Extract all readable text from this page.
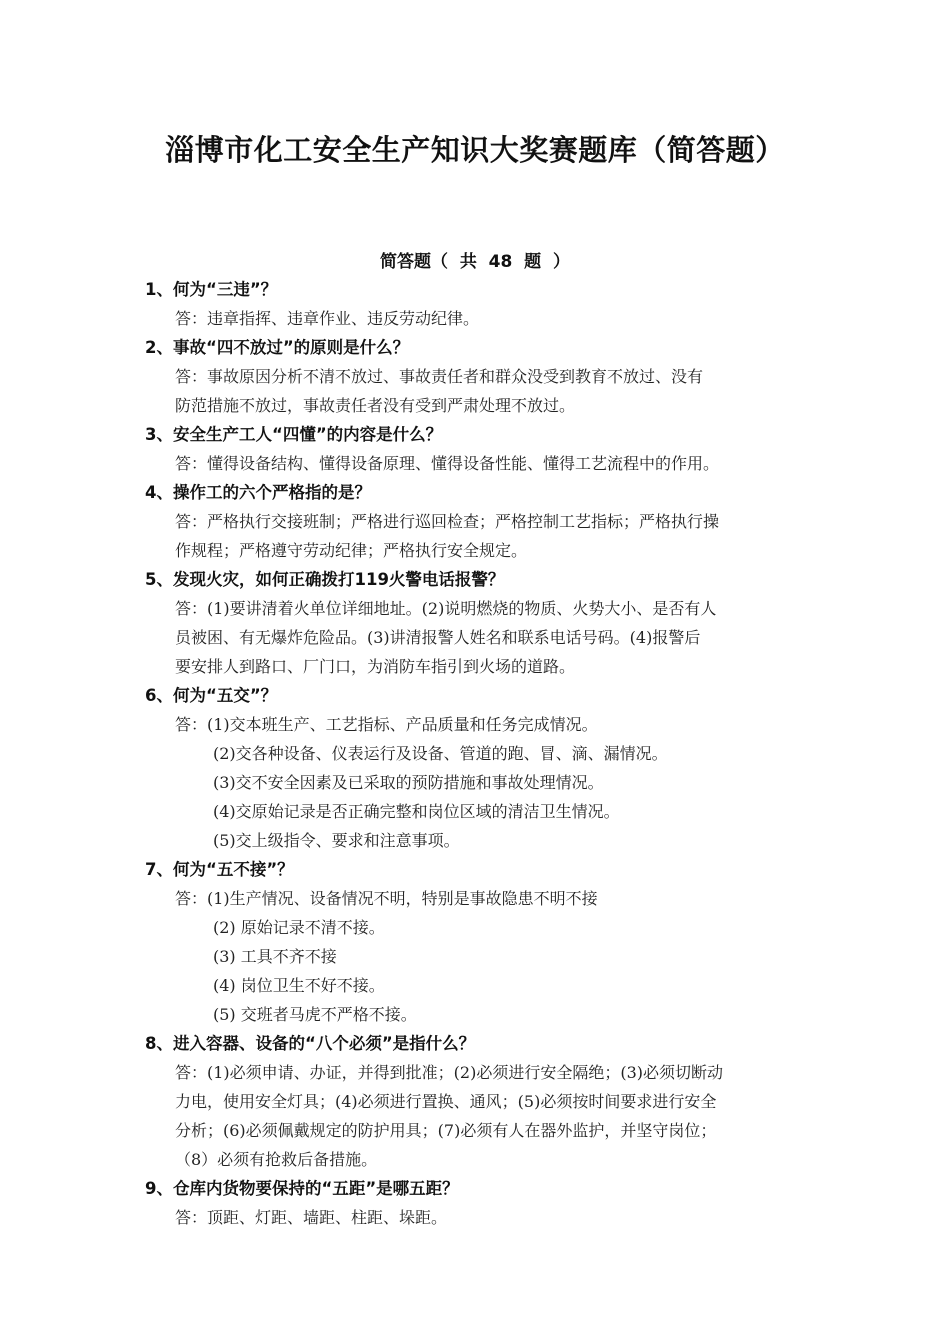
淄博市化工安全生产知识大奖赛题库（简答题）
简答题（  共  48  题  ）
1、何为“三违”？
答：违章指挥、违章作业、违反劳动纪律。
2、事故“四不放过”的原则是什么？
答：事故原因分析不清不放过、事故责任者和群众没受到教育不放过、没有
防范措施不放过，事故责任者没有受到严肃处理不放过。
3、安全生产工人“四懂”的内容是什么？
答：懂得设备结构、懂得设备原理、懂得设备性能、懂得工艺流程中的作用。
4、操作工的六个严格指的是？
答：严格执行交接班制；严格进行巡回检查；严格控制工艺指标；严格执行操
作规程；严格遵守劳动纪律；严格执行安全规定。
5、发现火灾，如何正确拨打119火警电话报警？
答：(1)要讲清着火单位详细地址。(2)说明燃烧的物质、火势大小、是否有人
员被困、有无爆炸危险品。(3)讲清报警人姓名和联系电话号码。(4)报警后
要安排人到路口、厂门口，为消防车指引到火场的道路。
6、何为“五交”？
答：(1)交本班生产、工艺指标、产品质量和任务完成情况。
(2)交各种设备、仪表运行及设备、管道的跑、冒、滴、漏情况。
(3)交不安全因素及已采取的预防措施和事故处理情况。
(4)交原始记录是否正确完整和岗位区域的清洁卫生情况。
(5)交上级指令、要求和注意事项。
7、何为“五不接”？
答：(1)生产情况、设备情况不明，特别是事故隐患不明不接
(2) 原始记录不清不接。
(3) 工具不齐不接
(4) 岗位卫生不好不接。
(5) 交班者马虎不严格不接。
8、进入容器、设备的“八个必须”是指什么？
答：(1)必须申请、办证，并得到批准；(2)必须进行安全隔绝；(3)必须切断动
力电，使用安全灯具；(4)必须进行置换、通风；(5)必须按时间要求进行安全
分析；(6)必须佩戴规定的防护用具；(7)必须有人在器外监护，并坚守岗位；
（8）必须有抢救后备措施。
9、仓库内货物要保持的“五距”是哪五距？
答：顶距、灯距、墙距、柱距、垛距。
